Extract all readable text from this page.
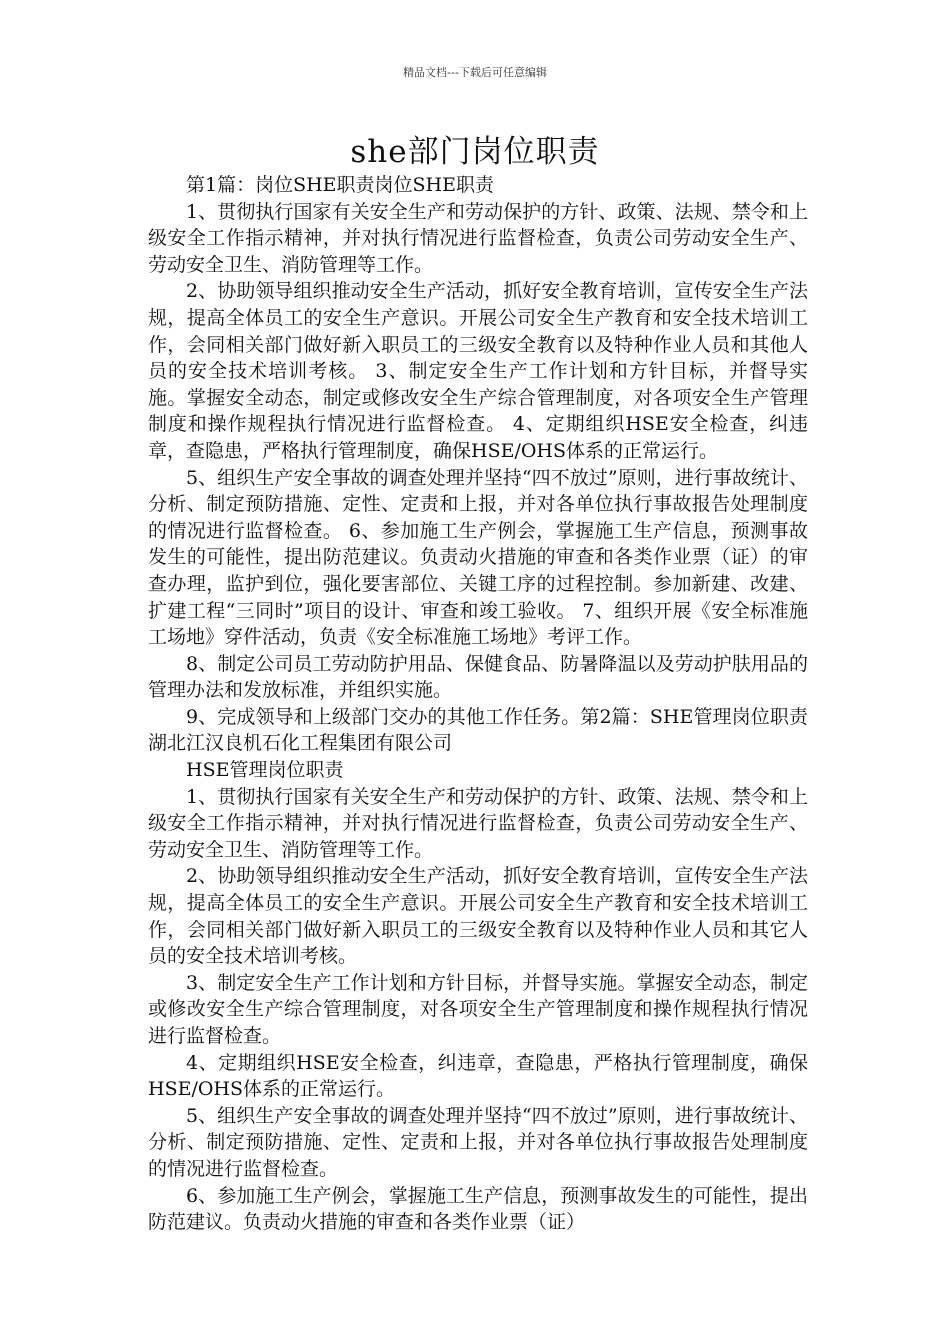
精品文档---下载后可任意编辑
she部门岗位职责

第1篇：岗位SHE职责岗位SHE职责

1、贯彻执行国家有关安全生产和劳动保护的方针、政策、法规、禁令和上级安全工作指示精神，并对执行情况进行监督检查，负责公司劳动安全生产、劳动安全卫生、消防管理等工作。

2、协助领导组织推动安全生产活动，抓好安全教育培训，宣传安全生产法规，提高全体员工的安全生产意识。开展公司安全生产教育和安全技术培训工作，会同相关部门做好新入职员工的三级安全教育以及特种作业人员和其他人员的安全技术培训考核。 3、制定安全生产工作计划和方针目标，并督导实施。掌握安全动态，制定或修改安全生产综合管理制度，对各项安全生产管理制度和操作规程执行情况进行监督检查。 4、定期组织HSE安全检查，纠违章，查隐患，严格执行管理制度，确保HSE/OHS体系的正常运行。

5、组织生产安全事故的调查处理并坚持“四不放过”原则，进行事故统计、分析、制定预防措施、定性、定责和上报，并对各单位执行事故报告处理制度的情况进行监督检查。 6、参加施工生产例会，掌握施工生产信息，预测事故发生的可能性，提出防范建议。负责动火措施的审查和各类作业票（证）的审查办理，监护到位，强化要害部位、关键工序的过程控制。参加新建、改建、扩建工程“三同时”项目的设计、审查和竣工验收。 7、组织开展《安全标准施工场地》穿件活动，负责《安全标准施工场地》考评工作。

8、制定公司员工劳动防护用品、保健食品、防暑降温以及劳动护肤用品的管理办法和发放标准，并组织实施。

9、完成领导和上级部门交办的其他工作任务。第2篇：SHE管理岗位职责湖北江汉良机石化工程集团有限公司

HSE管理岗位职责

1、贯彻执行国家有关安全生产和劳动保护的方针、政策、法规、禁令和上级安全工作指示精神，并对执行情况进行监督检查，负责公司劳动安全生产、劳动安全卫生、消防管理等工作。

2、协助领导组织推动安全生产活动，抓好安全教育培训，宣传安全生产法规，提高全体员工的安全生产意识。开展公司安全生产教育和安全技术培训工作，会同相关部门做好新入职员工的三级安全教育以及特种作业人员和其它人员的安全技术培训考核。

3、制定安全生产工作计划和方针目标，并督导实施。掌握安全动态，制定或修改安全生产综合管理制度，对各项安全生产管理制度和操作规程执行情况进行监督检查。

4、定期组织HSE安全检查，纠违章，查隐患，严格执行管理制度，确保HSE/OHS体系的正常运行。

5、组织生产安全事故的调查处理并坚持“四不放过”原则，进行事故统计、分析、制定预防措施、定性、定责和上报，并对各单位执行事故报告处理制度的情况进行监督检查。

6、参加施工生产例会，掌握施工生产信息，预测事故发生的可能性，提出防范建议。负责动火措施的审查和各类作业票（证）
